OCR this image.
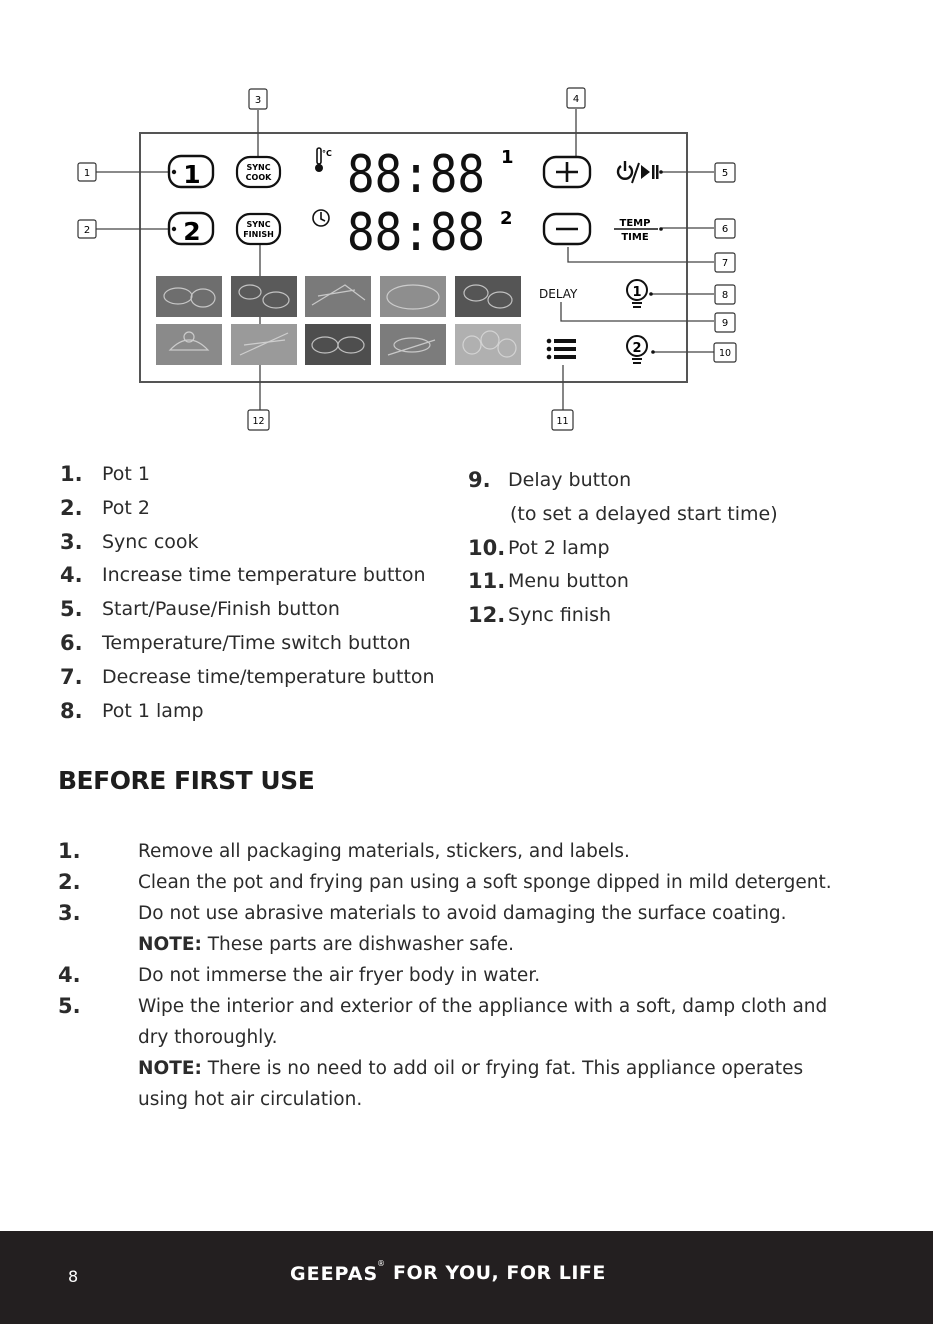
1
2
3	4
5
6
7
8
9
10
11
12
1
2
SYNC
COOK
SYNC
FINISH
°C 88:88
88:88
1
2	TEMP
TIME
DELAY	1
2
1.	Pot 1
2.	Pot 2
3.	Sync cook
4.	Increase time temperature button
5.	Start/Pause/Finish button
6.	Temperature/Time switch button
7.	Decrease time/temperature button
8.	Pot 1 lamp
9. Delay button
(to set a delayed start time)
10. Pot 2 lamp
11. Menu button
12. Sync finish
BEFORE FIRST USE
1.	Remove all packaging materials, stickers, and labels.

2.	Clean the pot and frying pan using a soft sponge dipped in mild detergent.

3.	Do not use abrasive materials to avoid damaging the surface coating.

NOTE: These parts are dishwasher safe.

4.	Do not immerse the air fryer body in water.

5.	Wipe the interior and exterior of the appliance with a soft, damp cloth and dry thoroughly.

NOTE: There is no need to add oil or frying fat. This appliance operates using hot air circulation.

8	GEEPAS
® FOR YOU, FOR LIFE
